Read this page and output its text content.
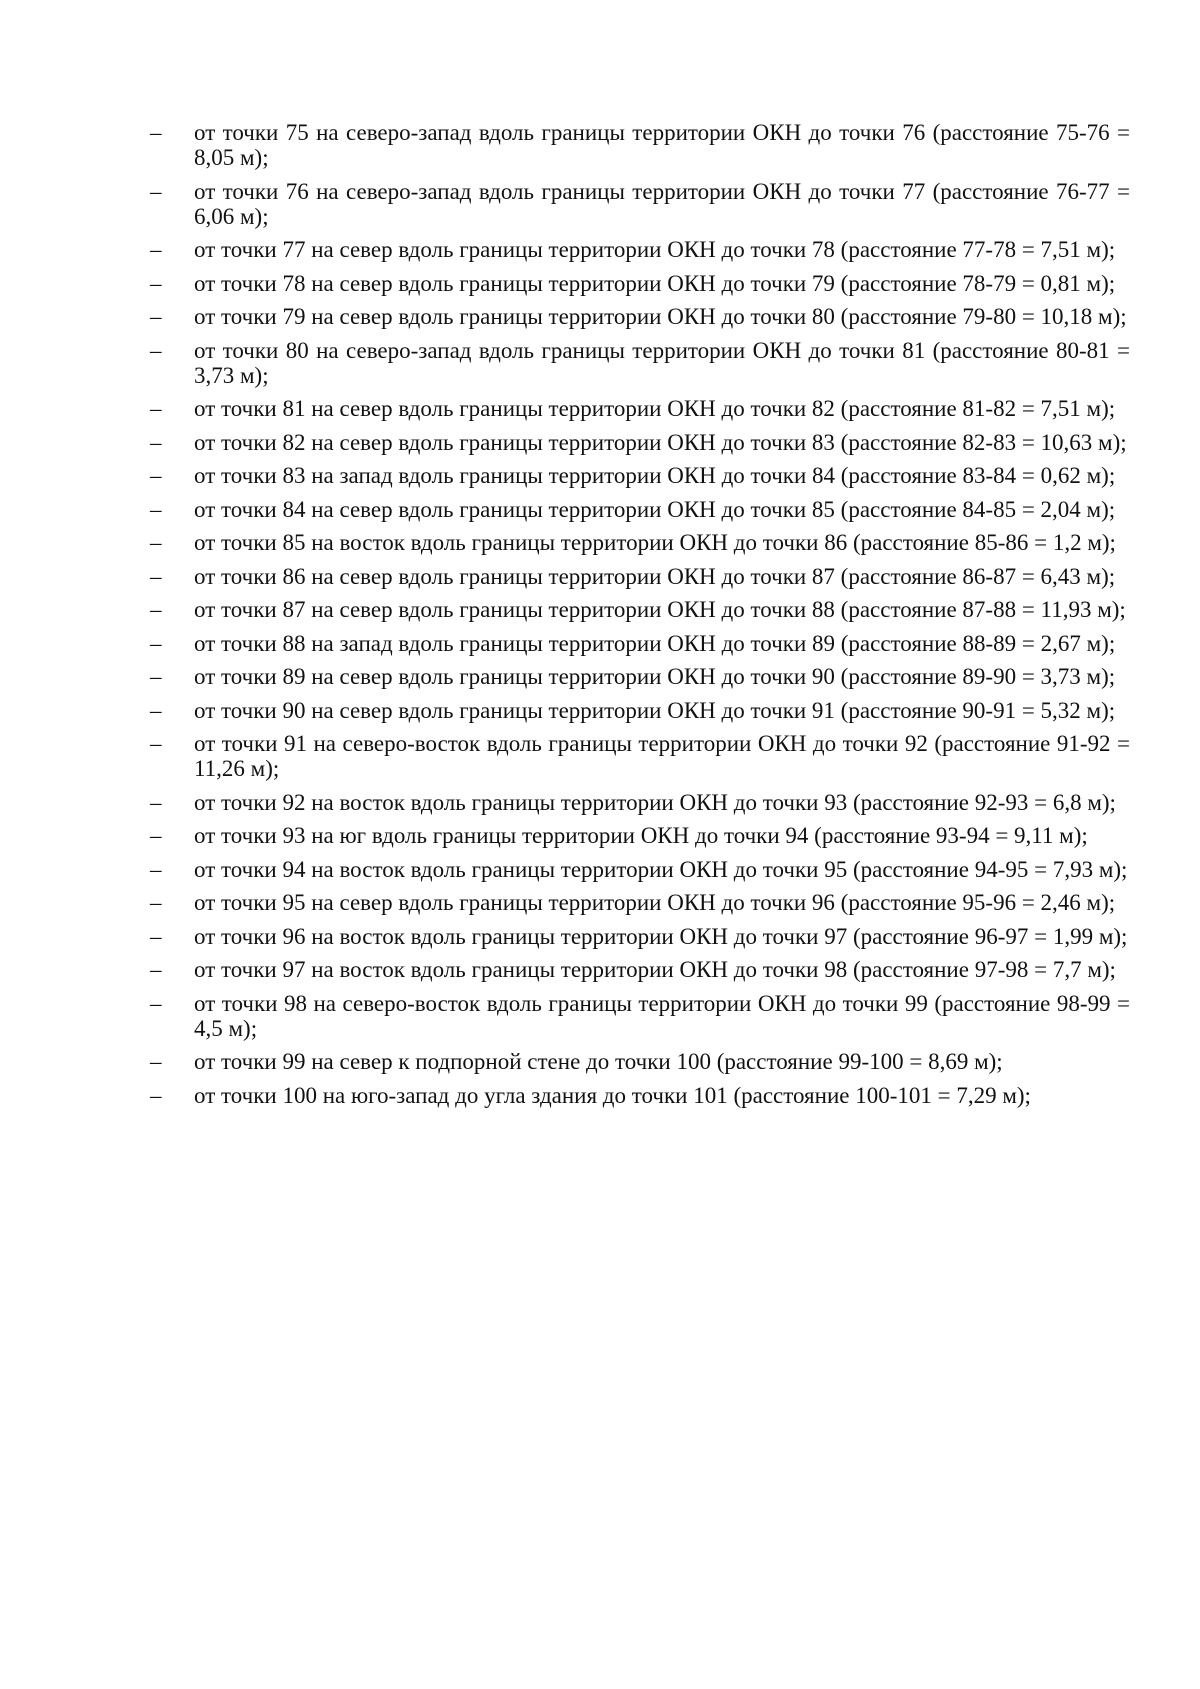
–	от точки 75 на северо-запад вдоль границы территории ОКН до точки 76 (расстояние 75-76 = 8,05 м);
–	от точки 76 на северо-запад вдоль границы территории ОКН до точки 77 (расстояние 76-77 = 6,06 м);
–	от точки 77 на север вдоль границы территории ОКН до точки 78 (расстояние 77-78 = 7,51 м);
–	от точки 78 на север вдоль границы территории ОКН до точки 79 (расстояние 78-79 = 0,81 м);
–	от точки 79 на север вдоль границы территории ОКН до точки 80 (расстояние 79-80 = 10,18 м);
–	от точки 80 на северо-запад вдоль границы территории ОКН до точки 81 (расстояние 80-81 = 3,73 м);
–	от точки 81 на север вдоль границы территории ОКН до точки 82 (расстояние 81-82 = 7,51 м);
–	от точки 82 на север вдоль границы территории ОКН до точки 83 (расстояние 82-83 = 10,63 м);
–	от точки 83 на запад вдоль границы территории ОКН до точки 84 (расстояние 83-84 = 0,62 м);
–	от точки 84 на север вдоль границы территории ОКН до точки 85 (расстояние 84-85 = 2,04 м);
–	от точки 85 на восток вдоль границы территории ОКН до точки 86 (расстояние 85-86 = 1,2 м);
–	от точки 86 на север вдоль границы территории ОКН до точки 87 (расстояние 86-87 = 6,43 м);
–	от точки 87 на север вдоль границы территории ОКН до точки 88 (расстояние 87-88 = 11,93 м);
–	от точки 88 на запад вдоль границы территории ОКН до точки 89 (расстояние 88-89 = 2,67 м);
–	от точки 89 на север вдоль границы территории ОКН до точки 90 (расстояние 89-90 = 3,73 м);
–	от точки 90 на север вдоль границы территории ОКН до точки 91 (расстояние 90-91 = 5,32 м);
–	от точки 91 на северо-восток вдоль границы территории ОКН до точки 92 (расстояние 91-92 = 11,26 м);
–	от точки 92 на восток вдоль границы территории ОКН до точки 93 (расстояние 92-93 = 6,8 м);
–	от точки 93 на юг вдоль границы территории ОКН до точки 94 (расстояние 93-94 = 9,11 м);
–	от точки 94 на восток вдоль границы территории ОКН до точки 95 (расстояние 94-95 = 7,93 м);
–	от точки 95 на север вдоль границы территории ОКН до точки 96 (расстояние 95-96 = 2,46 м);
–	от точки 96 на восток вдоль границы территории ОКН до точки 97 (расстояние 96-97 = 1,99 м);
–	от точки 97 на восток вдоль границы территории ОКН до точки 98 (расстояние 97-98 = 7,7 м);
–	от точки 98 на северо-восток вдоль границы территории ОКН до точки 99 (расстояние 98-99 = 4,5 м);
–	от точки 99 на север к подпорной стене до точки 100 (расстояние 99-100 = 8,69 м);
–	от точки 100 на юго-запад до угла здания до точки 101 (расстояние 100-101 = 7,29 м);
